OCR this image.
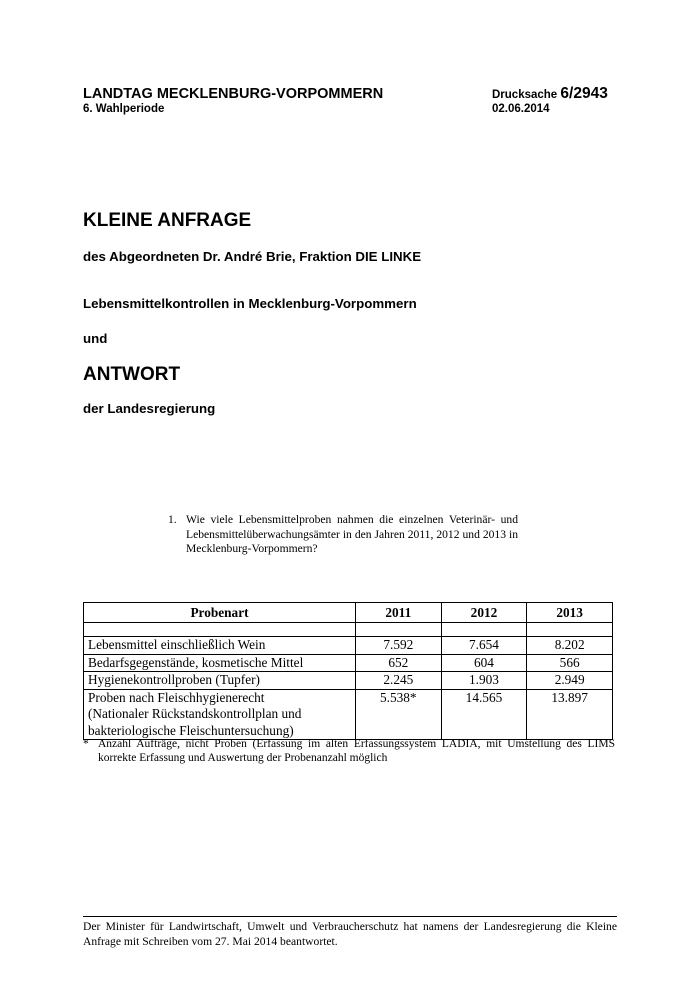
LANDTAG MECKLENBURG-VORPOMMERN
6. Wahlperiode
Drucksache 6/2943
02.06.2014
KLEINE ANFRAGE
des Abgeordneten Dr. André Brie, Fraktion DIE LINKE
Lebensmittelkontrollen in Mecklenburg-Vorpommern
und
ANTWORT
der Landesregierung
1. Wie viele Lebensmittelproben nahmen die einzelnen Veterinär- und Lebensmittelüberwachungsämter in den Jahren 2011, 2012 und 2013 in Mecklenburg-Vorpommern?
Probenart	2011	2012	2013

Lebensmittel einschließlich Wein	7.592	7.654	8.202
Bedarfsgegenstände, kosmetische Mittel	652	604	566
Hygienekontrollproben (Tupfer)	2.245	1.903	2.949

Proben nach Fleischhygienerecht
(Nationaler Rückstandskontrollplan und
bakteriologische Fleischuntersuchung)	5.538*	14.565	13.897
* Anzahl Aufträge, nicht Proben (Erfassung im alten Erfassungssystem LADIA, mit Umstellung des LIMS korrekte Erfassung und Auswertung der Probenanzahl möglich
Der Minister für Landwirtschaft, Umwelt und Verbraucherschutz hat namens der Landesregierung die Kleine Anfrage mit Schreiben vom 27. Mai 2014 beantwortet.
